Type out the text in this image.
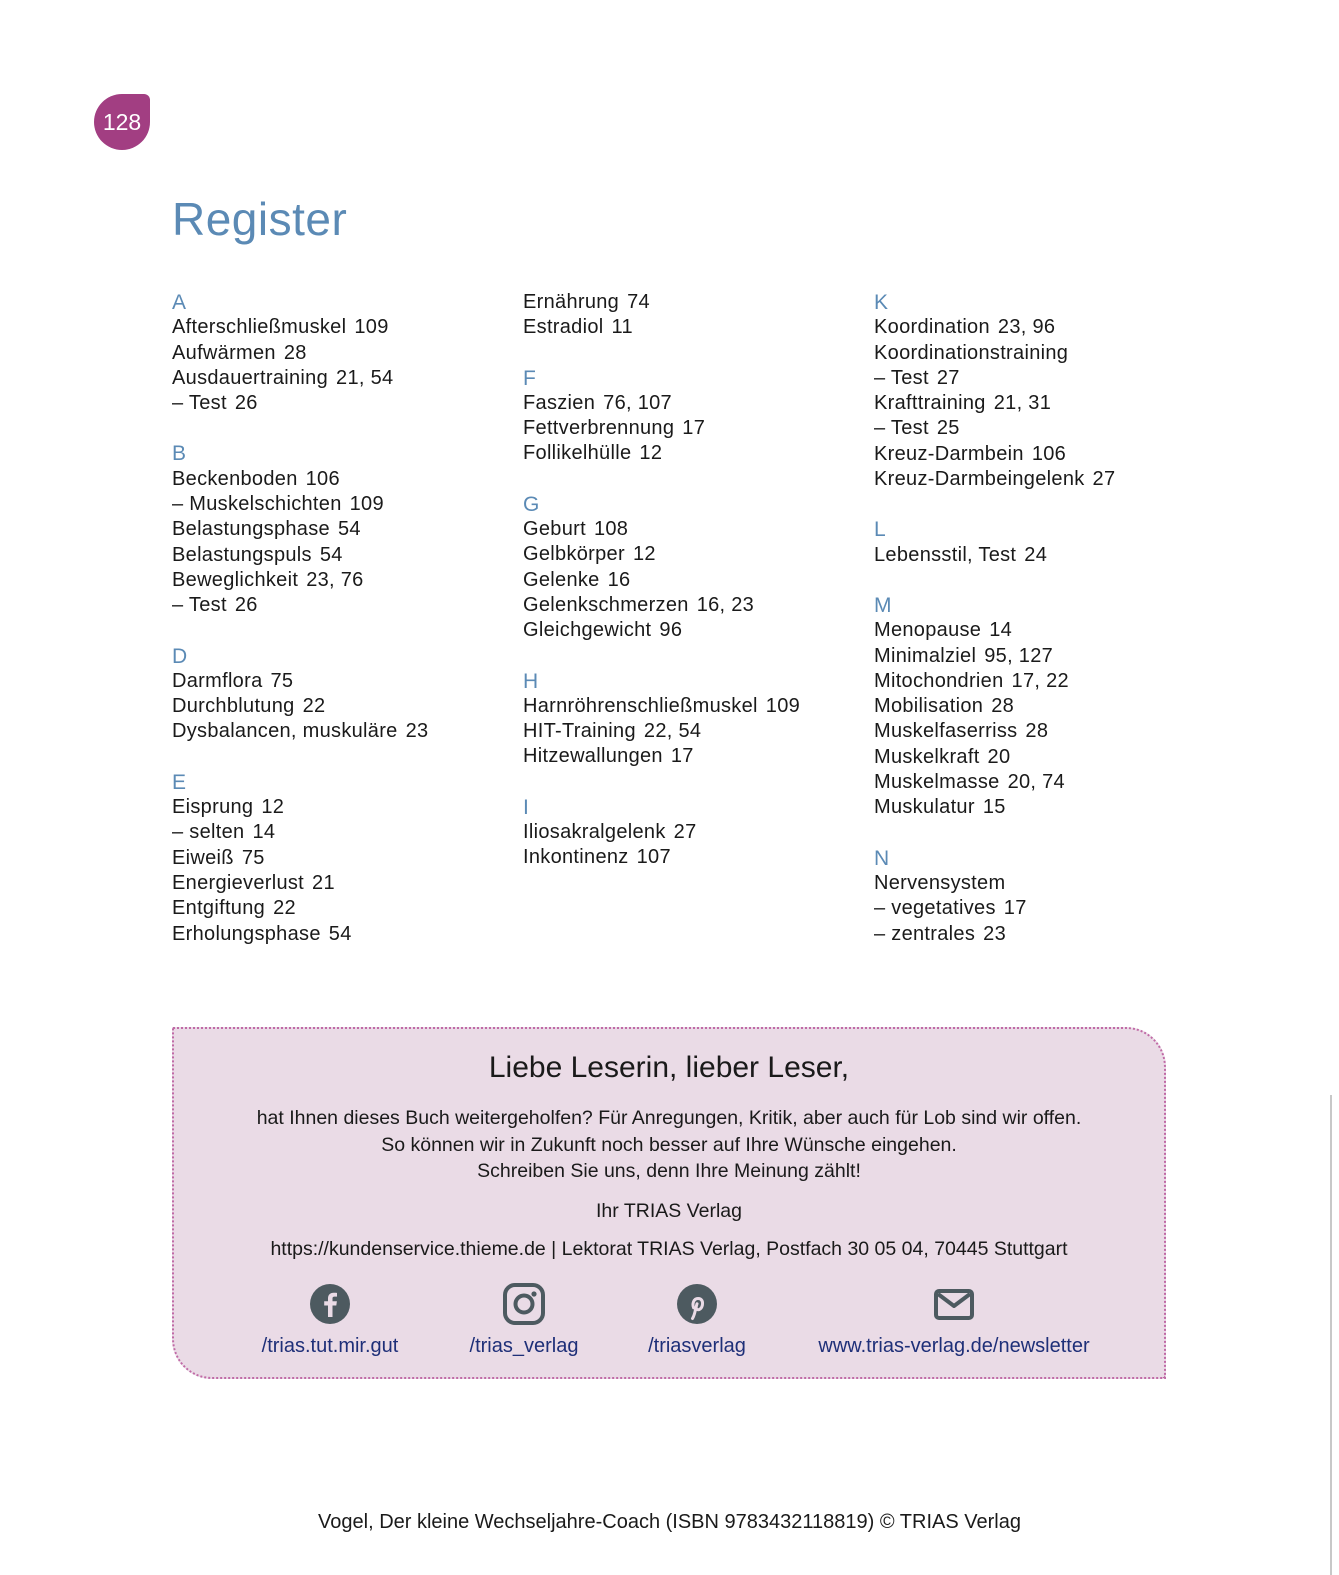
128
Register
A
Afterschließmuskel 109
Aufwärmen 28
Ausdauertraining 21, 54
– Test 26
B
Beckenboden 106
– Muskelschichten 109
Belastungsphase 54
Belastungspuls 54
Beweglichkeit 23, 76
– Test 26
D
Darmflora 75
Durchblutung 22
Dysbalancen, muskuläre 23
E
Eisprung 12
– selten 14
Eiweiß 75
Energieverlust 21
Entgiftung 22
Erholungsphase 54
Ernährung 74
Estradiol 11
F
Faszien 76, 107
Fettverbrennung 17
Follikelhülle 12
G
Geburt 108
Gelbkörper 12
Gelenke 16
Gelenkschmerzen 16, 23
Gleichgewicht 96
H
Harnröhrenschließmuskel 109
HIT-Training 22, 54
Hitzewallungen 17
I
Iliosakralgelenk 27
Inkontinenz 107
K
Koordination 23, 96
Koordinationstraining
– Test 27
Krafttraining 21, 31
– Test 25
Kreuz-Darmbein 106
Kreuz-Darmbeingelenk 27
L
Lebensstil, Test 24
M
Menopause 14
Minimalziel 95, 127
Mitochondrien 17, 22
Mobilisation 28
Muskelfaserriss 28
Muskelkraft 20
Muskelmasse 20, 74
Muskulatur 15
N
Nervensystem
– vegetatives 17
– zentrales 23
Liebe Leserin, lieber Leser,
hat Ihnen dieses Buch weitergeholfen? Für Anregungen, Kritik, aber auch für Lob sind wir offen.
So können wir in Zukunft noch besser auf Ihre Wünsche eingehen.
Schreiben Sie uns, denn Ihre Meinung zählt!
Ihr TRIAS Verlag
https://kundenservice.thieme.de | Lektorat TRIAS Verlag, Postfach 30 05 04, 70445 Stuttgart
/trias.tut.mir.gut	/trias_verlag	/triasverlag	www.trias-verlag.de/newsletter
Vogel, Der kleine Wechseljahre-Coach (ISBN 9783432118819) © TRIAS Verlag
